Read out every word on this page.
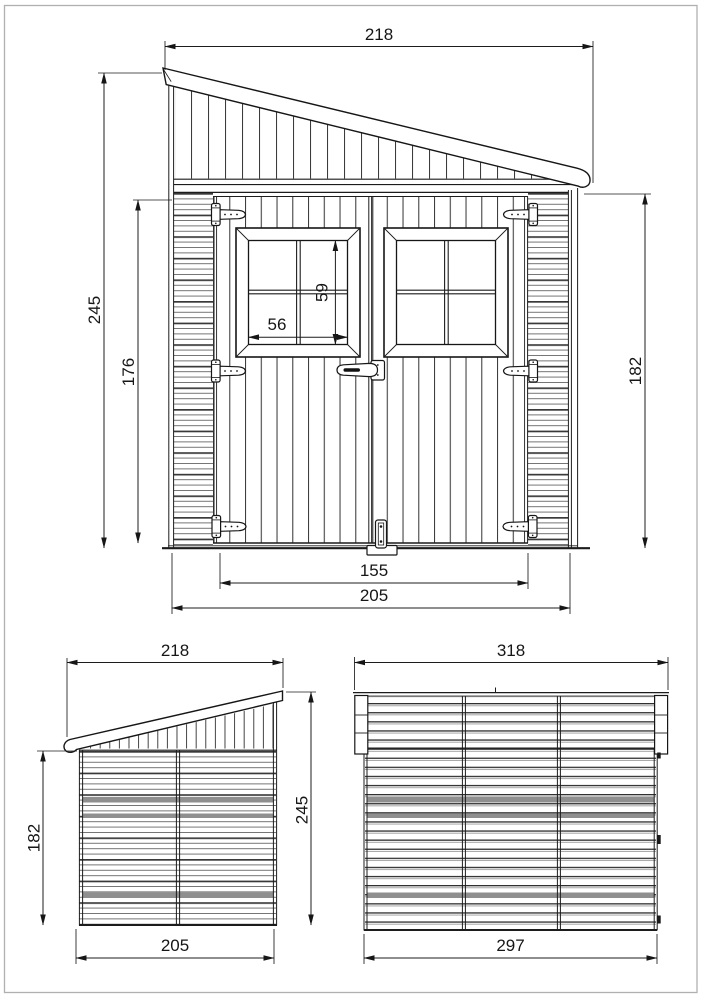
218
245
176
59
56
182
155
205
218
182
245
205
318
297
